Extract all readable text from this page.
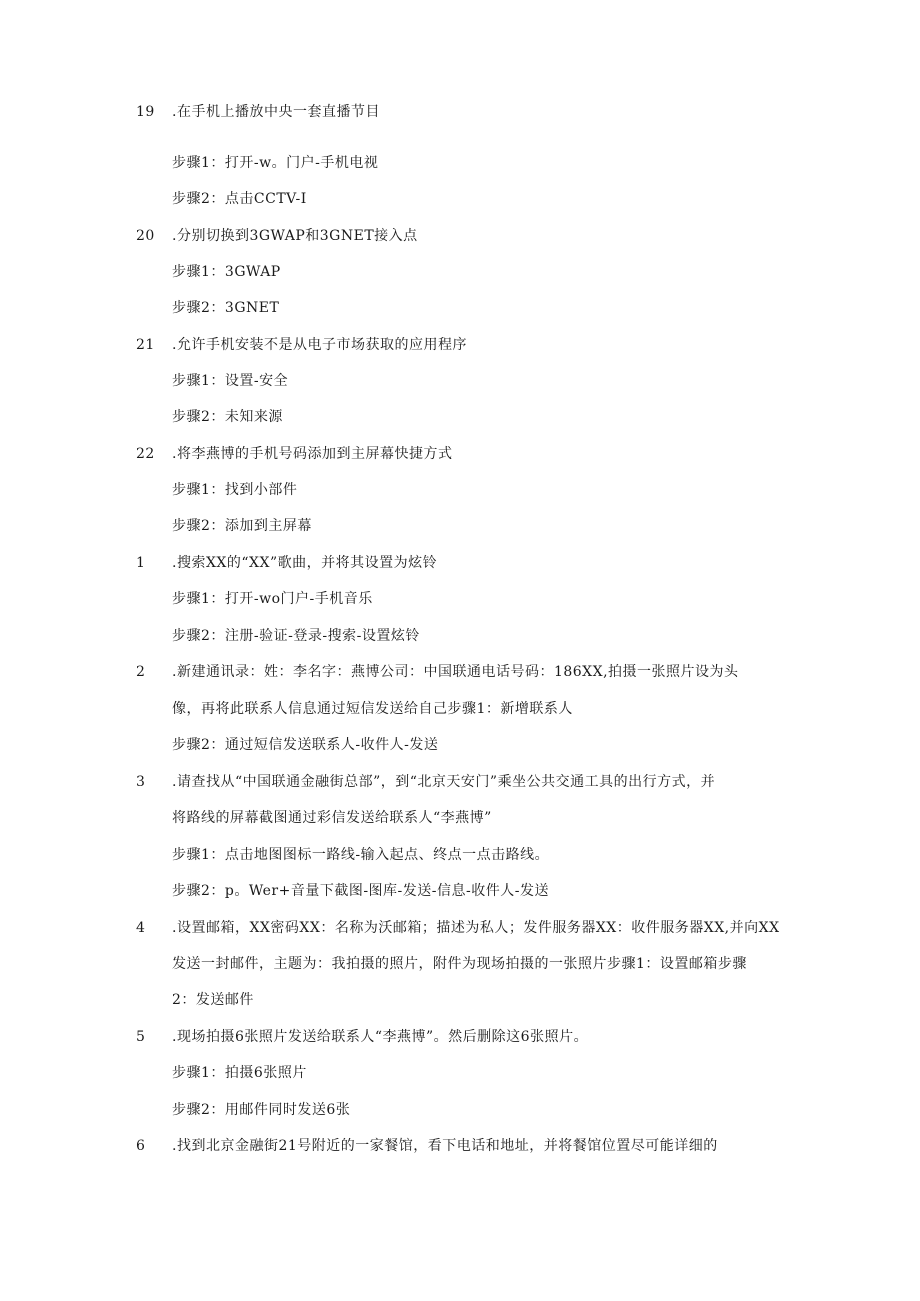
19 .在手机上播放中央一套直播节目
步骤1：打开-w。门户-手机电视
步骤2：点击CCTV-I
20 .分别切换到3GWAP和3GNET接入点
步骤1：3GWAP
步骤2：3GNET
21 .允许手机安装不是从电子市场获取的应用程序
步骤1：设置-安全
步骤2：未知来源
22 .将李燕博的手机号码添加到主屏幕快捷方式
步骤1：找到小部件
步骤2：添加到主屏幕
1 .搜索XX的“XX”歌曲，并将其设置为炫铃
步骤1：打开-wo门户-手机音乐
步骤2：注册-验证-登录-搜索-设置炫铃
2 .新建通讯录：姓：李名字：燕博公司：中国联通电话号码：186XX,拍摄一张照片设为头
像，再将此联系人信息通过短信发送给自己步骤1：新增联系人
步骤2：通过短信发送联系人-收件人-发送
3 .请查找从“中国联通金融街总部”，到“北京天安门”乘坐公共交通工具的出行方式，并
将路线的屏幕截图通过彩信发送给联系人“李燕博”
步骤1：点击地图图标一路线-输入起点、终点一点击路线。
步骤2：p。Wer+音量下截图-图库-发送-信息-收件人-发送
4 .设置邮箱，XX密码XX：名称为沃邮箱；描述为私人；发件服务器XX：收件服务器XX,并向XX
发送一封邮件，主题为：我拍摄的照片，附件为现场拍摄的一张照片步骤1：设置邮箱步骤
2：发送邮件
5 .现场拍摄6张照片发送给联系人“李燕博”。然后删除这6张照片。
步骤1：拍摄6张照片
步骤2：用邮件同时发送6张
6 .找到北京金融街21号附近的一家餐馆，看下电话和地址，并将餐馆位置尽可能详细的
